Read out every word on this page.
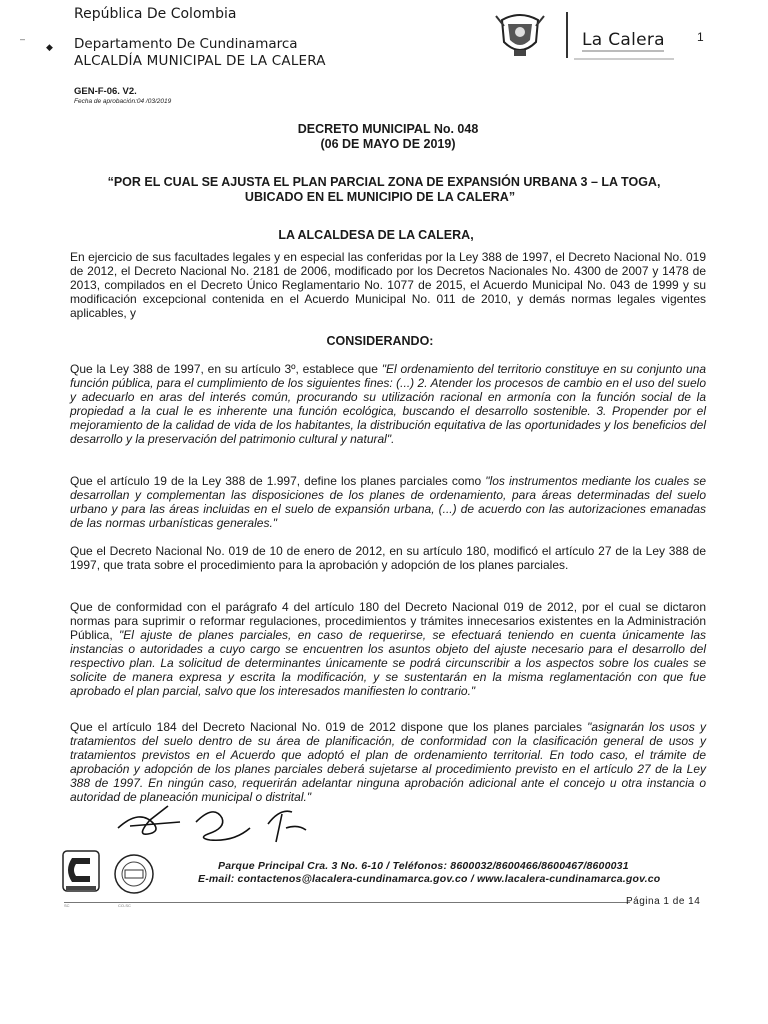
–
◆

República De Colombia

Departamento De Cundinamarca

ALCALDÍA MUNICIPAL DE LA CALERA

GEN-F-06. V2.

Fecha de aprobación:04 /03/2019

La Calera	1
DECRETO MUNICIPAL No. 048
(06 DE MAYO DE 2019)
“POR EL CUAL SE AJUSTA EL PLAN PARCIAL ZONA DE EXPANSIÓN URBANA 3 – LA TOGA,
UBICADO EN EL MUNICIPIO DE LA CALERA”
LA ALCALDESA DE LA CALERA,
En ejercicio de sus facultades legales y en especial las conferidas por la Ley 388 de 1997, el Decreto Nacional No. 019 de 2012, el Decreto Nacional No. 2181 de 2006, modificado por los Decretos Nacionales No. 4300 de 2007 y 1478 de 2013, compilados en el Decreto Único Reglamentario No. 1077 de 2015, el Acuerdo Municipal No. 043 de 1999 y su modificación excepcional contenida en el Acuerdo Municipal No. 011 de 2010, y demás normas legales vigentes aplicables, y
CONSIDERANDO:
Que la Ley 388 de 1997, en su artículo 3º, establece que "El ordenamiento del territorio constituye en su conjunto una función pública, para el cumplimiento de los siguientes fines: (...) 2. Atender los procesos de cambio en el uso del suelo y adecuarlo en aras del interés común, procurando su utilización racional en armonía con la función social de la propiedad a la cual le es inherente una función ecológica, buscando el desarrollo sostenible. 3. Propender por el mejoramiento de la calidad de vida de los habitantes, la distribución equitativa de las oportunidades y los beneficios del desarrollo y la preservación del patrimonio cultural y natural".
Que el artículo 19 de la Ley 388 de 1.997, define los planes parciales como "los instrumentos mediante los cuales se desarrollan y complementan las disposiciones de los planes de ordenamiento, para áreas determinadas del suelo urbano y para las áreas incluidas en el suelo de expansión urbana, (...) de acuerdo con las autorizaciones emanadas de las normas urbanísticas generales."
Que el Decreto Nacional No. 019 de 10 de enero de 2012, en su artículo 180, modificó el artículo 27 de la Ley 388 de 1997, que trata sobre el procedimiento para la aprobación y adopción de los planes parciales.
Que de conformidad con el parágrafo 4 del artículo 180 del Decreto Nacional 019 de 2012, por el cual se dictaron normas para suprimir o reformar regulaciones, procedimientos y trámites innecesarios existentes en la Administración Pública, "El ajuste de planes parciales, en caso de requerirse, se efectuará teniendo en cuenta únicamente las instancias o autoridades a cuyo cargo se encuentren los asuntos objeto del ajuste necesario para el desarrollo del respectivo plan. La solicitud de determinantes únicamente se podrá circunscribir a los aspectos sobre los cuales se solicite de manera expresa y escrita la modificación, y se sustentarán en la misma reglamentación con que fue aprobado el plan parcial, salvo que los interesados manifiesten lo contrario."
Que el artículo 184 del Decreto Nacional No. 019 de 2012 dispone que los planes parciales "asignarán los usos y tratamientos del suelo dentro de su área de planificación, de conformidad con la clasificación general de usos y tratamientos previstos en el Acuerdo que adoptó el plan de ordenamiento territorial. En todo caso, el trámite de aprobación y adopción de los planes parciales deberá sujetarse al procedimiento previsto en el artículo 27 de la Ley 388 de 1997. En ningún caso, requerirán adelantar ninguna aprobación adicional ante el concejo u otra instancia o autoridad de planeación municipal o distrital."
SC	CO-SC
Parque Principal Cra. 3 No. 6-10 / Teléfonos: 8600032/8600466/8600467/8600031
E-mail: contactenos@lacalera-cundinamarca.gov.co / www.lacalera-cundinamarca.gov.co
Página 1 de 14
